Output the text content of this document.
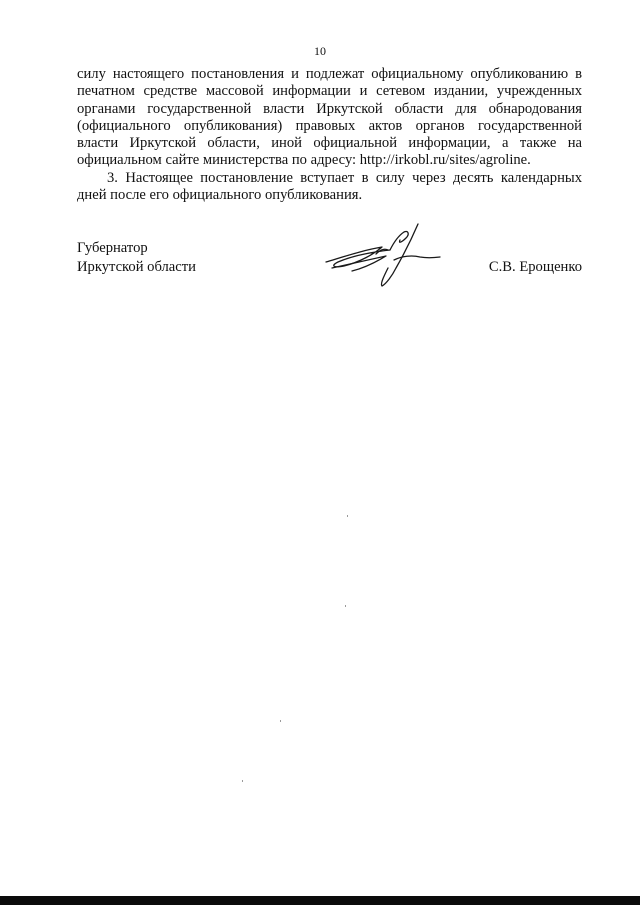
10
силу настоящего постановления и подлежат официальному опубликованию в
печатном средстве массовой информации и сетевом издании, учрежденных
органами государственной власти Иркутской области для обнародования
(официального опубликования) правовых актов органов государственной
власти Иркутской области, иной официальной информации, а также на
официальном сайте министерства по адресу: http://irkobl.ru/sites/agroline.
3. Настоящее постановление вступает в силу через десять календарных
дней после его официального опубликования.
Губернатор
Иркутской области	С.В. Ерощенко
